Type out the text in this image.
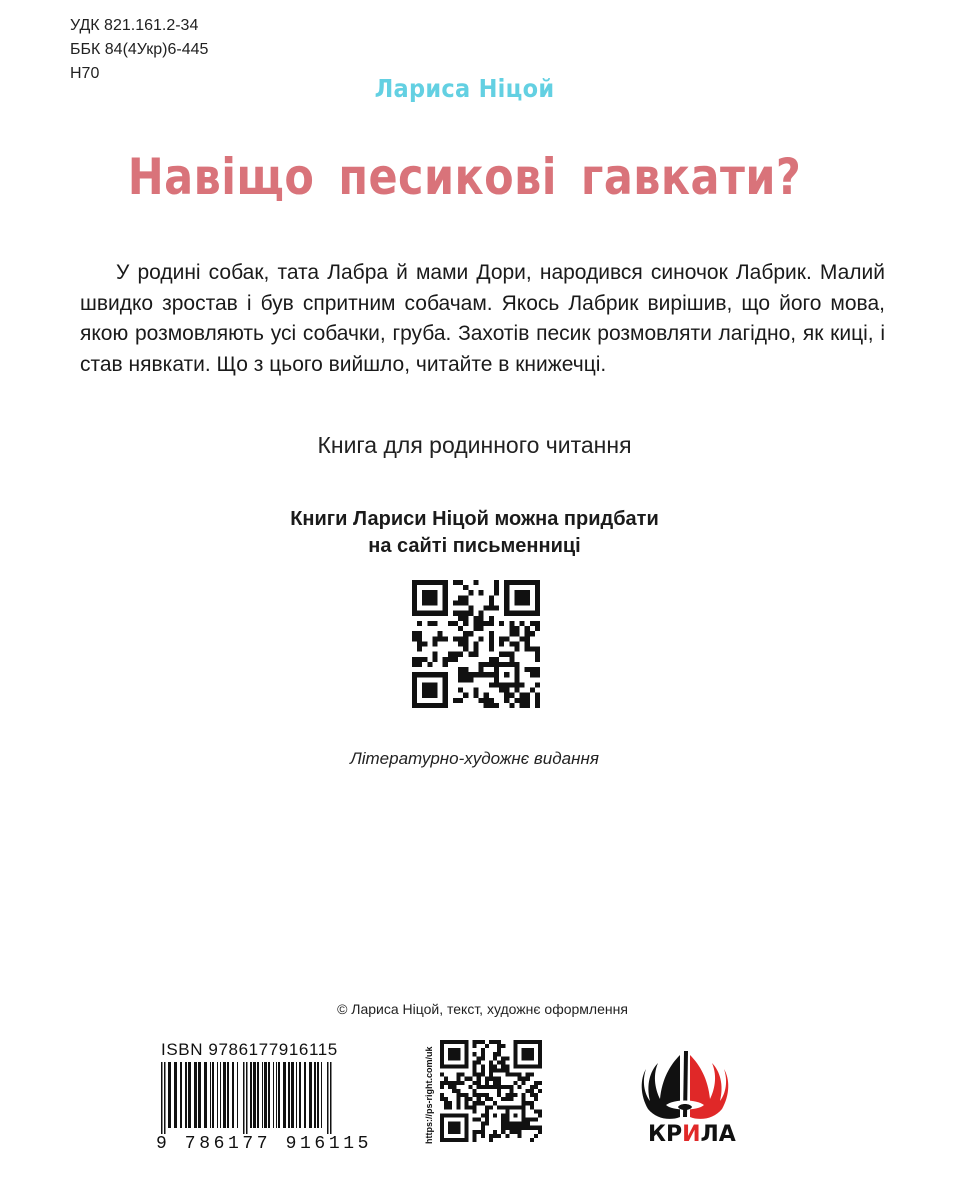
УДК 821.161.2-34
ББК 84(4Укр)6-445
Н70
Лариса Ніцой
Навіщо песикові гавкати?
У родині собак, тата Лабра й мами Дори, народився синочок Лабрик. Малий швидко зростав і був спритним собачам. Якось Лабрик вирішив, що його мова, якою розмовляють усі собачки, груба. Захотів песик розмовляти лагідно, як киці, і став нявкати. Що з цього вийшло, читайте в книжечці.
Книга для родинного читання
Книги Лариси Ніцой можна придбати
на сайті письменниці
Літературно-художнє видання
© Лариса Ніцой, текст, художнє оформлення
ISBN 9786177916115
9 786177 916115	https://ps-right.com/uk	КРИЛА
